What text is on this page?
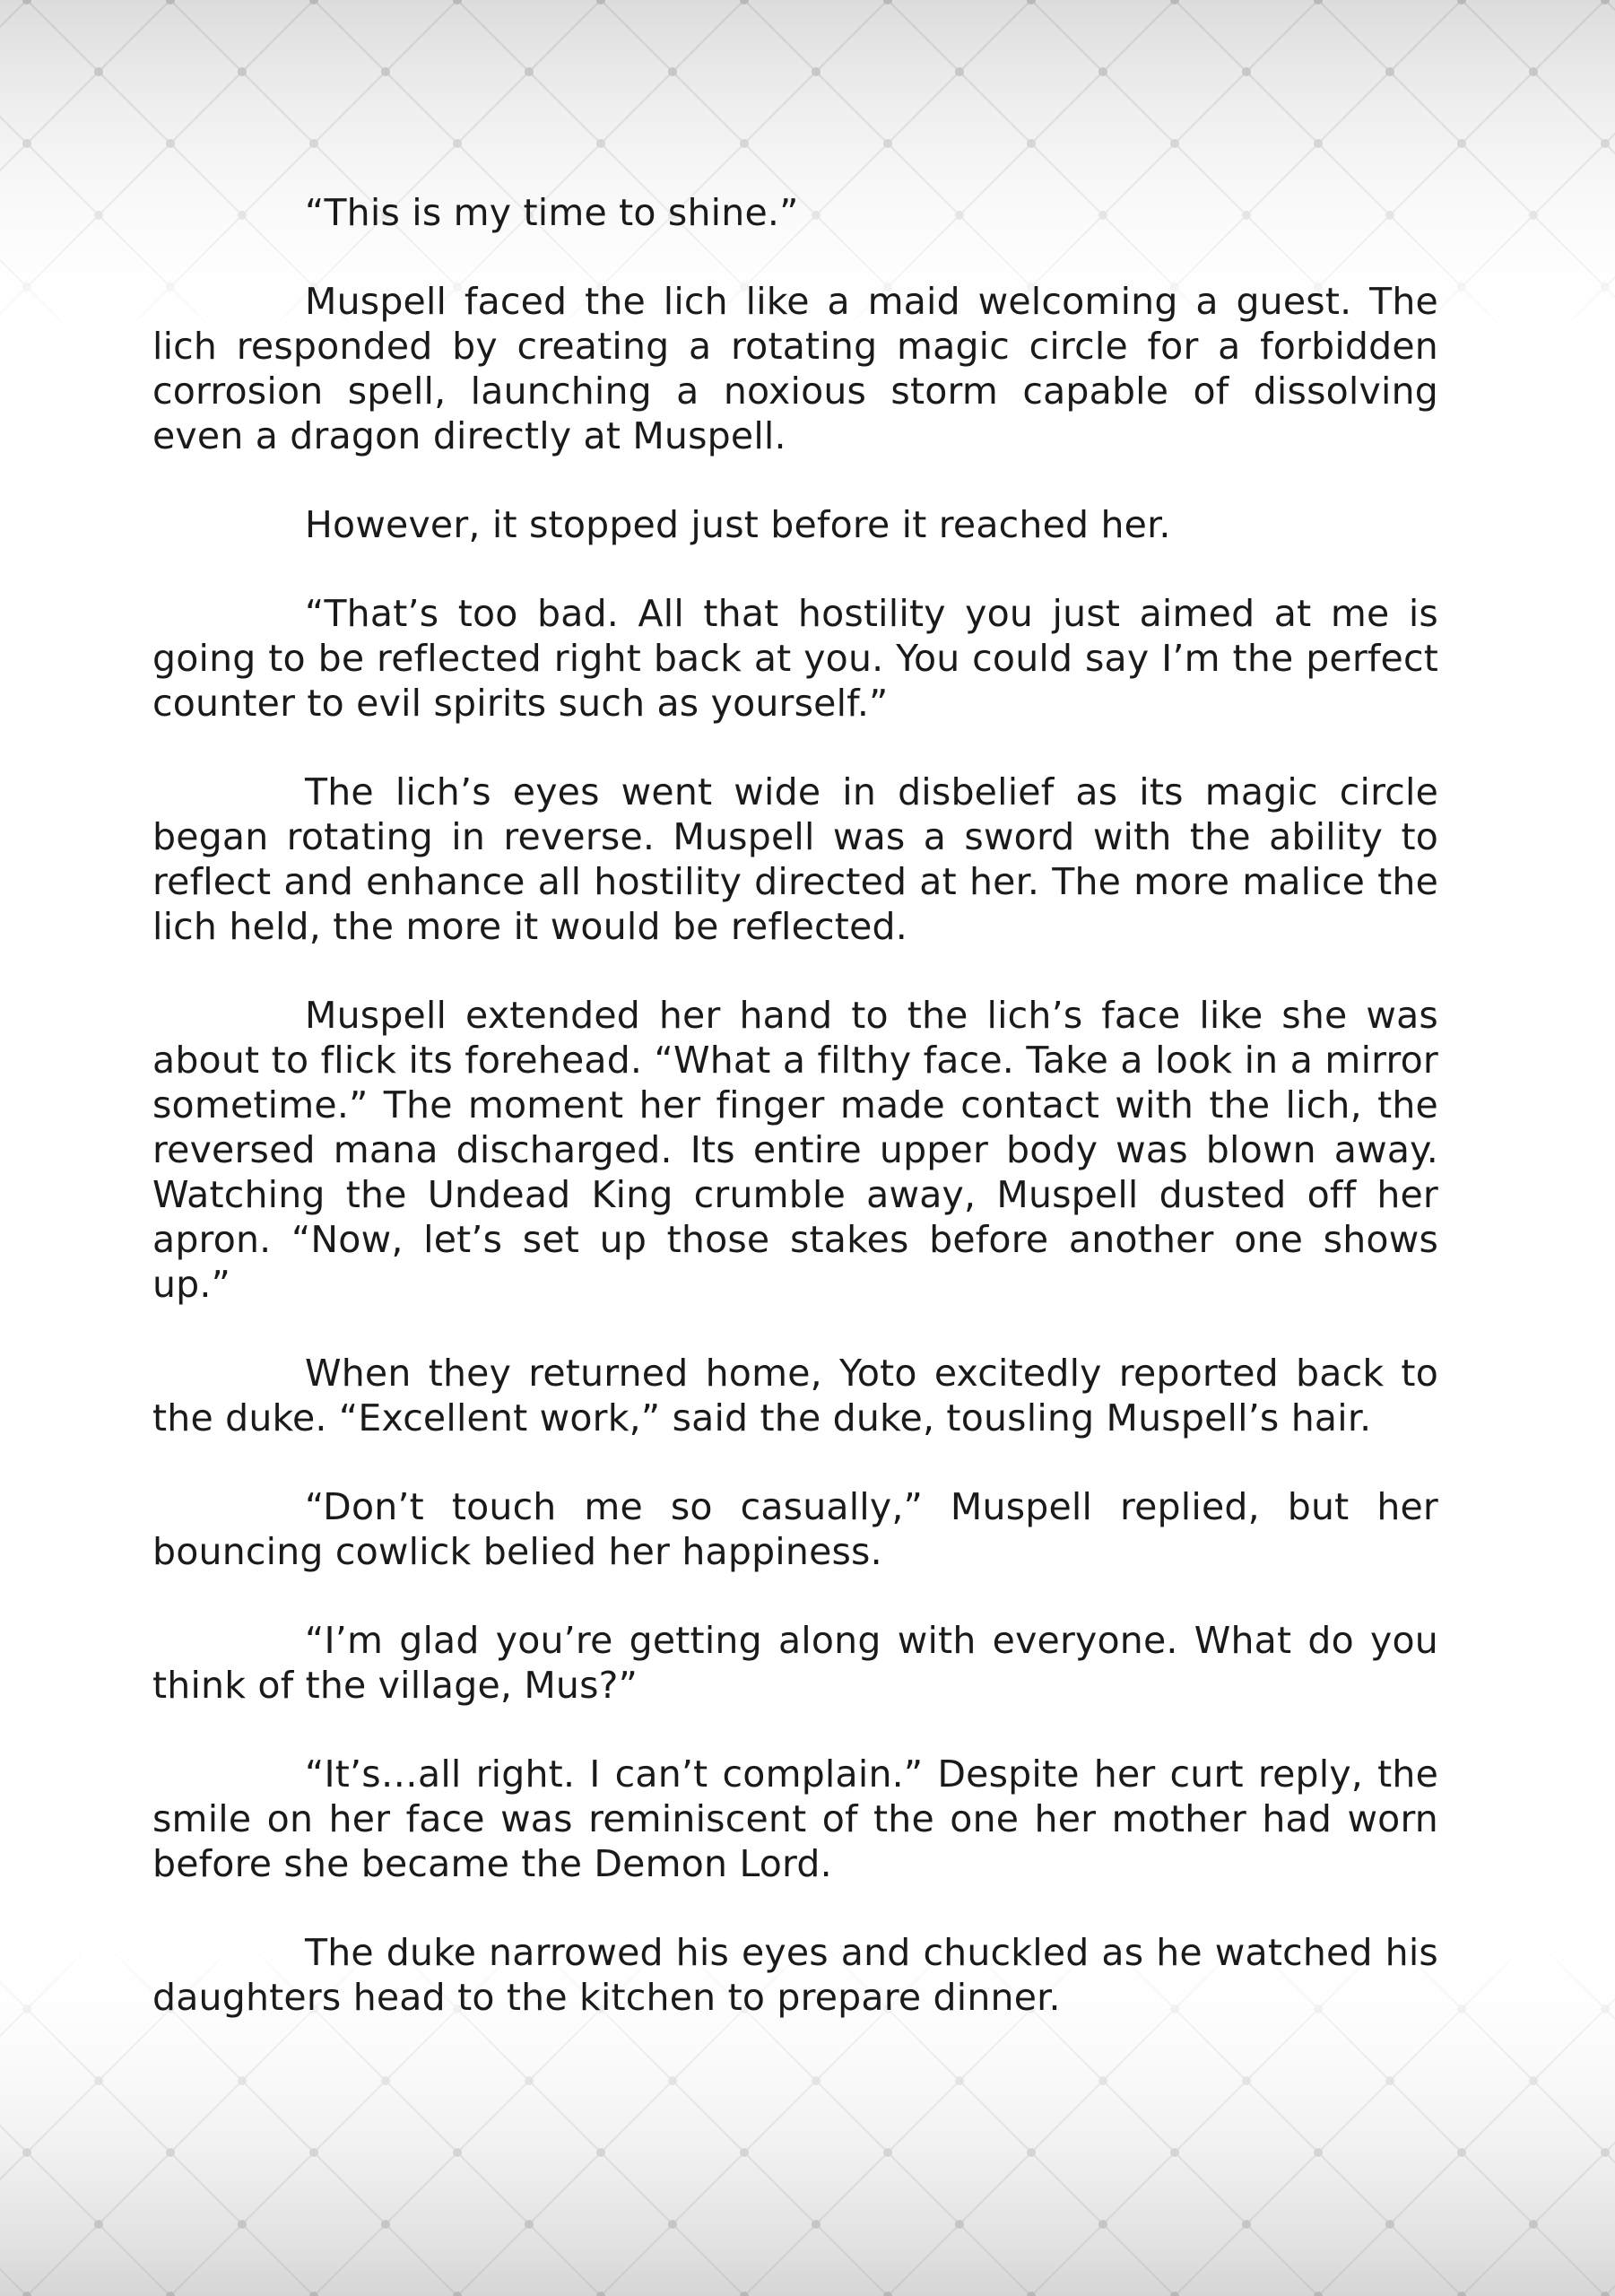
“This is my time to shine.”

Muspell faced the lich like a maid welcoming a guest. The lich responded by creating a rotating magic circle for a forbidden corrosion spell, launching a noxious storm capable of dissolving even a dragon directly at Muspell.

However, it stopped just before it reached her.

“That’s too bad. All that hostility you just aimed at me is going to be reflected right back at you. You could say I’m the perfect counter to evil spirits such as yourself.”

The lich’s eyes went wide in disbelief as its magic circle began rotating in reverse. Muspell was a sword with the ability to reflect and enhance all hostility directed at her. The more malice the lich held, the more it would be reflected.

Muspell extended her hand to the lich’s face like she was about to flick its forehead. “What a filthy face. Take a look in a mirror sometime.” The moment her finger made contact with the lich, the reversed mana discharged. Its entire upper body was blown away. Watching the Undead King crumble away, Muspell dusted off her apron. “Now, let’s set up those stakes before another one shows up.”

When they returned home, Yoto excitedly reported back to the duke. “Excellent work,” said the duke, tousling Muspell’s hair.

“Don’t touch me so casually,” Muspell replied, but her bouncing cowlick belied her happiness.

“I’m glad you’re getting along with everyone. What do you think of the village, Mus?”

“It’s…all right. I can’t complain.” Despite her curt reply, the smile on her face was reminiscent of the one her mother had worn before she became the Demon Lord.

The duke narrowed his eyes and chuckled as he watched his daughters head to the kitchen to prepare dinner.
